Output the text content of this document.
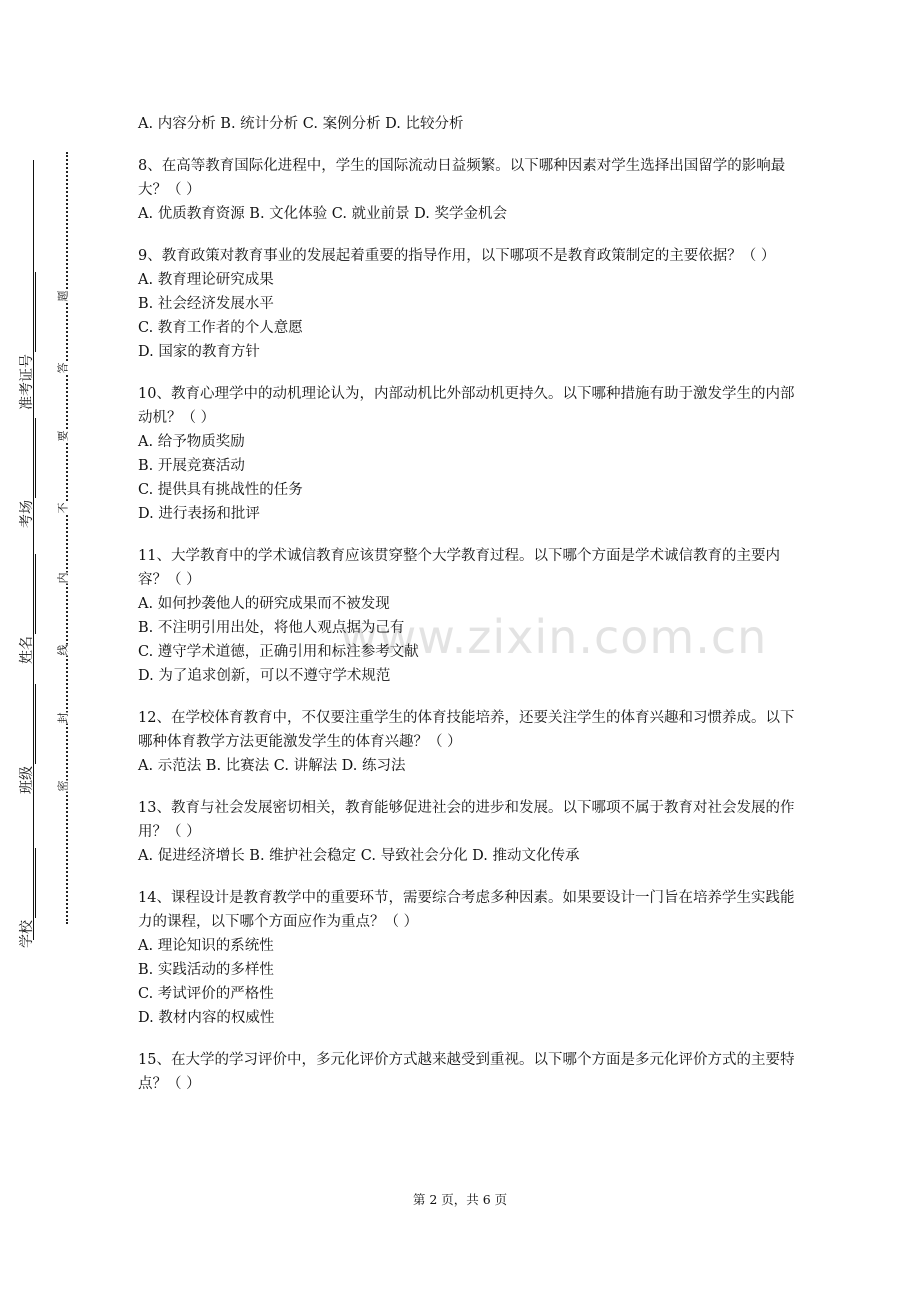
准考证号
考场
姓名
班级
学校
题
答
要
不
内
线
封
密
www.zixin.com.cn
A. 内容分析 B. 统计分析 C. 案例分析 D. 比较分析
8、在高等教育国际化进程中，学生的国际流动日益频繁。以下哪种因素对学生选择出国留学的影响最大？（ ）
A. 优质教育资源 B. 文化体验 C. 就业前景 D. 奖学金机会
9、教育政策对教育事业的发展起着重要的指导作用，以下哪项不是教育政策制定的主要依据？（ ）
A. 教育理论研究成果
B. 社会经济发展水平
C. 教育工作者的个人意愿
D. 国家的教育方针
10、教育心理学中的动机理论认为，内部动机比外部动机更持久。以下哪种措施有助于激发学生的内部动机？（ ）
A. 给予物质奖励
B. 开展竞赛活动
C. 提供具有挑战性的任务
D. 进行表扬和批评
11、大学教育中的学术诚信教育应该贯穿整个大学教育过程。以下哪个方面是学术诚信教育的主要内容？（ ）
A. 如何抄袭他人的研究成果而不被发现
B. 不注明引用出处，将他人观点据为己有
C. 遵守学术道德，正确引用和标注参考文献
D. 为了追求创新，可以不遵守学术规范
12、在学校体育教育中，不仅要注重学生的体育技能培养，还要关注学生的体育兴趣和习惯养成。以下哪种体育教学方法更能激发学生的体育兴趣？（ ）
A. 示范法 B. 比赛法 C. 讲解法 D. 练习法
13、教育与社会发展密切相关，教育能够促进社会的进步和发展。以下哪项不属于教育对社会发展的作用？（ ）
A. 促进经济增长 B. 维护社会稳定 C. 导致社会分化 D. 推动文化传承
14、课程设计是教育教学中的重要环节，需要综合考虑多种因素。如果要设计一门旨在培养学生实践能力的课程，以下哪个方面应作为重点？（ ）
A. 理论知识的系统性
B. 实践活动的多样性
C. 考试评价的严格性
D. 教材内容的权威性
15、在大学的学习评价中，多元化评价方式越来越受到重视。以下哪个方面是多元化评价方式的主要特点？（ ）
第 2 页，共 6 页
